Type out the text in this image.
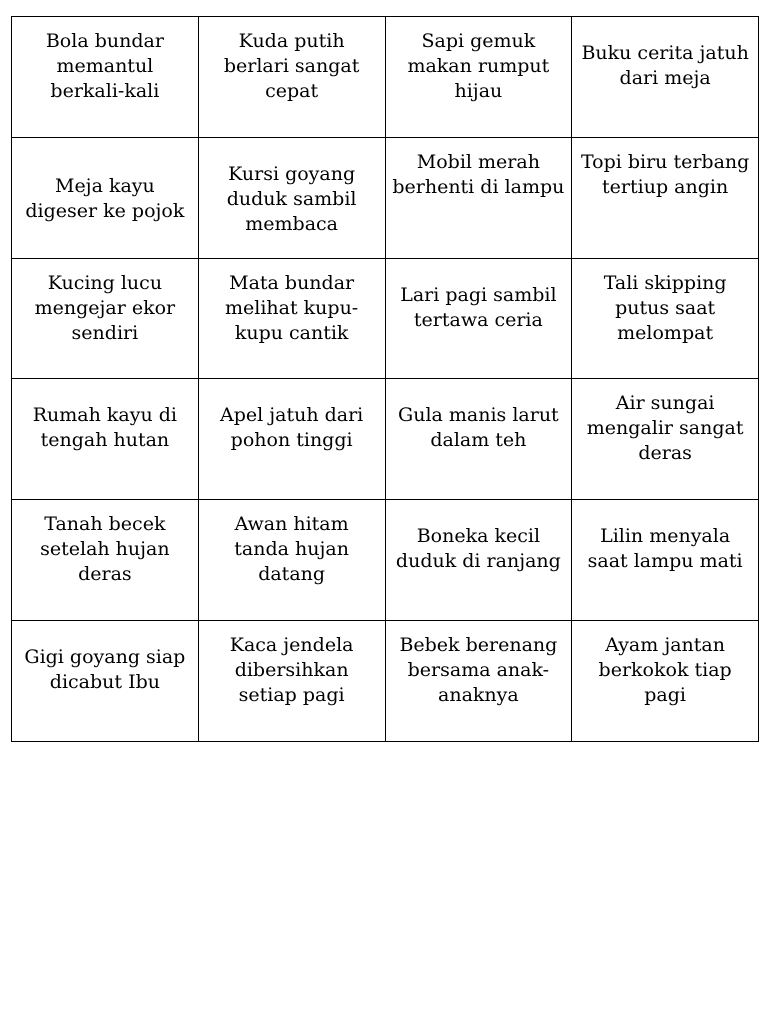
Bola bundar memantul berkali-kali	Kuda putih berlari sangat cepat	Sapi gemuk makan rumput hijau	Buku cerita jatuh dari meja
Meja kayu digeser ke pojok	Kursi goyang duduk sambil membaca	Mobil merah berhenti di lampu	Topi biru terbang tertiup angin
Kucing lucu mengejar ekor sendiri	Mata bundar melihat kupu-kupu cantik	Lari pagi sambil tertawa ceria	Tali skipping putus saat melompat
Rumah kayu di tengah hutan	Apel jatuh dari pohon tinggi	Gula manis larut dalam teh	Air sungai mengalir sangat deras
Tanah becek setelah hujan deras	Awan hitam tanda hujan datang	Boneka kecil duduk di ranjang	Lilin menyala saat lampu mati
Gigi goyang siap dicabut Ibu	Kaca jendela dibersihkan setiap pagi	Bebek berenang bersama anak-anaknya	Ayam jantan berkokok tiap pagi
